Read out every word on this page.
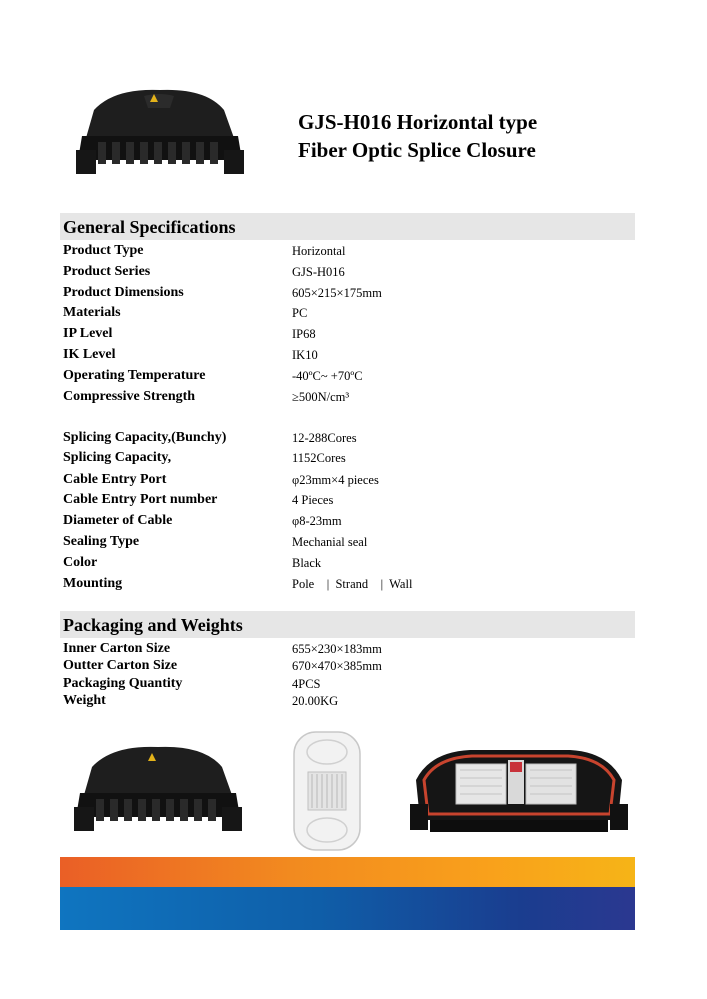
GJS-H016 Horizontal type
Fiber Optic Splice Closure
General Specifications
Product Type	Horizontal
Product Series	GJS-H016
Product Dimensions	605×215×175mm
Materials	PC
IP Level	IP68
IK Level	IK10
Operating Temperature	-40ºC~ +70ºC
Compressive Strength	≥500N/cm³
Splicing Capacity,(Bunchy)	12-288Cores
Splicing Capacity,	1152Cores
Cable Entry Port	φ23mm×4 pieces
Cable Entry Port number	4 Pieces
Diameter of Cable	φ8-23mm
Sealing Type	Mechanial seal
Color	Black
Mounting	Pole    |  Strand    |  Wall
Packaging and Weights
Inner Carton Size	655×230×183mm
Outter Carton Size	670×470×385mm
Packaging Quantity	4PCS
Weight	20.00KG
